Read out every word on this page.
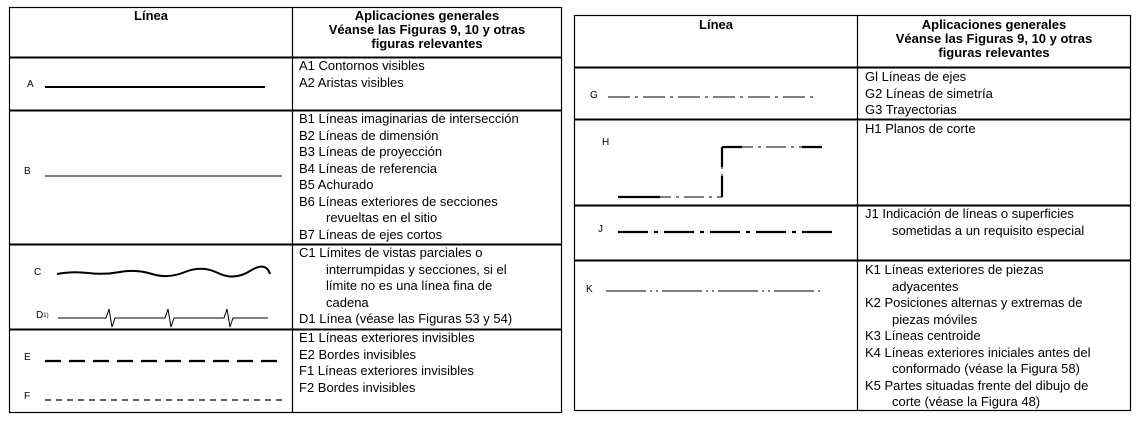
Línea	Aplicaciones generales
Véanse las Figuras 9, 10 y otras
figuras relevantes
A
A1 Contornos visibles
A2 Aristas visibles
B
B1 Líneas imaginarias de intersección
B2 Líneas de dimensión
B3 Líneas de proyección
B4 Líneas de referencia
B5 Achurado
B6 Líneas exteriores de secciones
revueltas en el sitio
B7 Líneas de ejes cortos
C
$D^{1)}$
C1 Límites de vistas parciales o
interrumpidas y secciones, si el
límite no es una línea fina de
cadena
D1 Línea (véase las Figuras 53 y 54)
E
F
E1 Líneas exteriores invisibles
E2 Bordes invisibles
F1 Líneas exteriores invisibles
F2 Bordes invisibles
Línea	Aplicaciones generales
Véanse las Figuras 9, 10 y otras
figuras relevantes
G
Gl Líneas de ejes
G2 Líneas de simetría
G3 Trayectorias
H
H1 Planos de corte
J
J1 Indicación de líneas o superficies
sometidas a un requisito especial
K
K1 Líneas exteriores de piezas
adyacentes
K2 Posiciones alternas y extremas de
piezas móviles
K3 Líneas centroide
K4 Líneas exteriores iniciales antes del
conformado (véase la Figura 58)
K5 Partes situadas frente del dibujo de
corte (véase la Figura 48)
